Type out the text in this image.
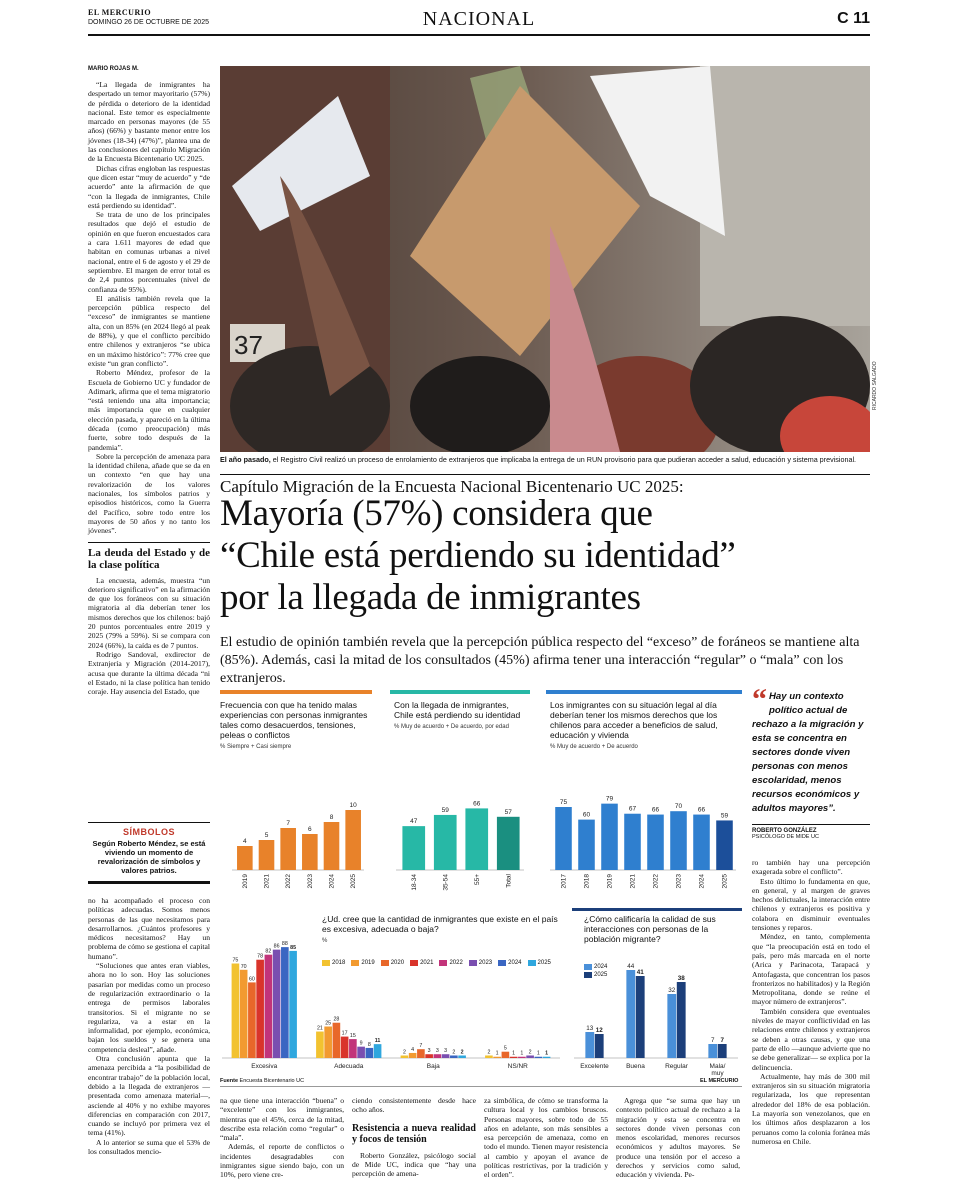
EL MERCURIO
DOMINGO 26 DE OCTUBRE DE 2025	NACIONAL	C 11
MARIO ROJAS M.

“La llegada de inmigrantes ha despertado un temor mayoritario (57%) de pérdida o deterioro de la identidad nacional. Este temor es especialmente marcado en personas mayores (de 55 años) (66%) y bastante menor entre los jóvenes (18-34) (47%)”, plantea una de las conclusiones del capítulo Migración de la Encuesta Bicentenario UC 2025.

Dichas cifras engloban las respuestas que dicen estar “muy de acuerdo” y “de acuerdo” ante la afirmación de que “con la llegada de inmigrantes, Chile está perdiendo su identidad”.

Se trata de uno de los principales resultados que dejó el estudio de opinión en que fueron encuestados cara a cara 1.611 mayores de edad que habitan en comunas urbanas a nivel nacional, entre el 6 de agosto y el 29 de septiembre. El margen de error total es de 2,4 puntos porcentuales (nivel de confianza de 95%).

El análisis también revela que la percepción pública respecto del “exceso” de inmigrantes se mantiene alta, con un 85% (en 2024 llegó al peak de 88%), y que el conflicto percibido entre chilenos y extranjeros “se ubica en un máximo histórico”: 77% cree que existe “un gran conflicto”.

Roberto Méndez, profesor de la Escuela de Gobierno UC y fundador de Adimark, afirma que el tema migratorio “está teniendo una alta importancia; más importancia que en cualquier elección pasada, y apareció en la última década (como preocupación) más fuerte, sobre todo después de la pandemia”.

Sobre la percepción de amenaza para la identidad chilena, añade que se da en un contexto “en que hay una revalorización de los valores nacionales, los símbolos patrios y episodios históricos, como la Guerra del Pacífico, sobre todo entre los mayores de 50 años y no tanto los jóvenes”.

La deuda del Estado y de la clase política

La encuesta, además, muestra “un deterioro significativo” en la afirmación de que los foráneos con su situación migratoria al día deberían tener los mismos derechos que los chilenos: bajó 20 puntos porcentuales entre 2019 y 2025 (79% a 59%). Si se compara con 2024 (66%), la caída es de 7 puntos.

Rodrigo Sandoval, exdirector de Extranjería y Migración (2014-2017), acusa que durante la última década “ni el Estado, ni la clase política han tenido coraje. Hay ausencia del Estado, que

SÍMBOLOS
Según Roberto Méndez, se está viviendo un momento de revalorización de símbolos y valores patrios.

no ha acompañado el proceso con políticas adecuadas. Somos menos personas de las que necesitamos para desarrollarnos. ¿Cuántos profesores y médicos necesitamos? Hay un problema de cómo se gestiona el capital humano”.

“Soluciones que antes eran viables, ahora no lo son. Hoy las soluciones pasarían por medidas como un proceso de regularización extraordinario o la entrega de permisos laborales transitorios. Si el migrante no se regulariza, va a estar en la informalidad, por ejemplo, económica, bajan los sueldos y se genera una competencia desleal”, añade.

Otra conclusión apunta que la amenaza percibida a “la posibilidad de encontrar trabajo” de la población local, debido a la llegada de extranjeros —presentada como amenaza material—, asciende al 40% y no exhibe mayores diferencias en comparación con 2017, cuando se incluyó por primera vez el tema (41%).

A lo anterior se suma que el 53% de los consultados mencio-

37
RICARDO SALGADO
El año pasado, el Registro Civil realizó un proceso de enrolamiento de extranjeros que implicaba la entrega de un RUN provisorio para que pudieran acceder a salud, educación y sistema previsional.
Capítulo Migración de la Encuesta Nacional Bicentenario UC 2025:
Mayoría (57%) considera que
“Chile está perdiendo su identidad”
por la llegada de inmigrantes
El estudio de opinión también revela que la percepción pública respecto del “exceso” de foráneos se mantiene alta (85%). Además, casi la mitad de los consultados (45%) afirma tener una interacción “regular” o “mala” con los extranjeros.
Frecuencia con que ha tenido malas experiencias con personas inmigrantes tales como desacuerdos, tensiones, peleas o conflictos
% Siempre + Casi siempre
4
2019
5
2021
7
2022
6
2023
8
2024
10
2025
Con la llegada de inmigrantes, Chile está perdiendo su identidad
% Muy de acuerdo + De acuerdo, por edad
47
18-34
59
35-54
66
55+
57
Total
Los inmigrantes con su situación legal al día deberían tener los mismos derechos que los chilenos para acceder a beneficios de salud, educación y vivienda
% Muy de acuerdo + De acuerdo
75
2017
60
2018
79
2019
67
2021
66
2022
70
2023
66
2024
59
2025
¿Ud. cree que la cantidad de inmigrantes que existe en el país es excesiva, adecuada o baja?
%
2018	2019	2020	2021	2022	2023	2024	2025
75
70
60
78
82
86 88
85
Excesiva
21
25
28
17 15
9 8
11
Adecuada
2 4
7
3 3 3 2 2
Baja
2 1
5
1 1 2 1 1
NS/NR
¿Cómo calificaría la calidad de sus interacciones con personas de la población migrante?
2024
2025
13 12
Excelente
44
41
Buena
32
38
Regular
7 7
Mala/ muy
Fuente Encuesta Bicentenario UC	EL MERCURIO
“ Hay un contexto político actual de rechazo a la migración y esta se concentra en sectores donde viven personas con menos escolaridad, menos recursos económicos y adultos mayores”.
ROBERTO GONZÁLEZ
PSICÓLOGO DE MIDE UC

ro también hay una percepción exagerada sobre el conflicto”.

Esto último lo fundamenta en que, en general, y al margen de graves hechos delictuales, la interacción entre chilenos y extranjeros es positiva y colabora en disminuir eventuales tensiones y reparos.

Méndez, en tanto, complementa que “la preocupación está en todo el país, pero más marcada en el norte (Arica y Parinacota, Tarapacá y Antofagasta, que concentran los pasos fronterizos no habilitados) y la Región Metropolitana, donde se reúne el mayor número de extranjeros”.

También considera que eventuales niveles de mayor conflictividad en las relaciones entre chilenos y extranjeros se deben a otras causas, y que una parte de ello —aunque advierte que no se debe generalizar— se explica por la delincuencia.

Actualmente, hay más de 300 mil extranjeros sin su situación migratoria regularizada, los que representan alrededor del 18% de esa población. La mayoría son venezolanos, que en los últimos años desplazaron a los peruanos como la colonia foránea más numerosa en Chile.

na que tiene una interacción “buena” o “excelente” con los inmigrantes, mientras que el 45%, cerca de la mitad, describe esta relación como “regular” o “mala”.

Además, el reporte de conflictos o incidentes desagradables con inmigrantes sigue siendo bajo, con un 10%, pero viene cre-

ciendo consistentemente desde hace ocho años.

Resistencia a nueva realidad y focos de tensión

Roberto González, psicólogo social de Mide UC, indica que “hay una percepción de amena-

za simbólica, de cómo se transforma la cultura local y los cambios bruscos. Personas mayores, sobre todo de 55 años en adelante, son más sensibles a esa percepción de amenaza, como en todo el mundo. Tienen mayor resistencia al cambio y apoyan el avance de políticas restrictivas, por la tradición y el orden”.

Agrega que “se suma que hay un contexto político actual de rechazo a la migración y esta se concentra en sectores donde viven personas con menos escolaridad, menores recursos económicos y adultos mayores. Se produce una tensión por el acceso a derechos y servicios como salud, educación y vivienda. Pe-
